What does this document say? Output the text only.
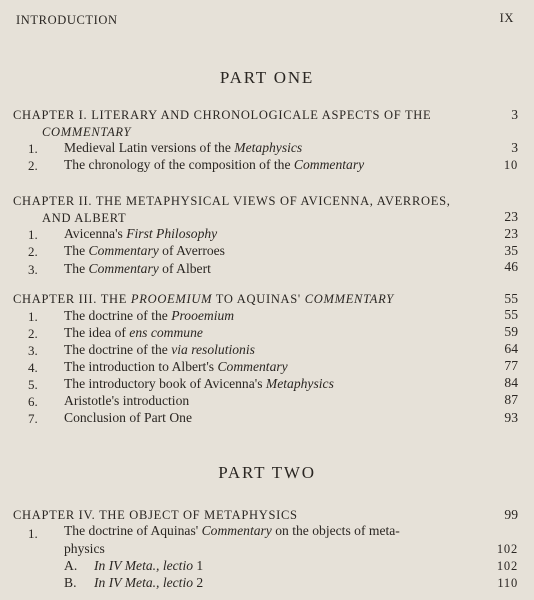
INTRODUCTION	IX
PART ONE
CHAPTER I. LITERARY AND CHRONOLOGICALE ASPECTS OF THE	3
COMMENTARY
1. Medieval Latin versions of the Metaphysics	3
2. The chronology of the composition of the Commentary	10
CHAPTER II. THE METAPHYSICAL VIEWS OF AVICENNA, AVERROES,
AND ALBERT	23
1. Avicenna's First Philosophy	23
2. The Commentary of Averroes	35
3. The Commentary of Albert	46
CHAPTER III. THE PROOEMIUM TO AQUINAS' COMMENTARY	55
1. The doctrine of the Prooemium	55
2. The idea of ens commune	59
3. The doctrine of the via resolutionis	64
4. The introduction to Albert's Commentary	77
5. The introductory book of Avicenna's Metaphysics	84
6. Aristotle's introduction	87
7. Conclusion of Part One	93
PART TWO
CHAPTER IV. THE OBJECT OF METAPHYSICS	99
1. The doctrine of Aquinas' Commentary on the objects of meta-
physics	102
A. In IV Meta., lectio 1	102
B. In IV Meta., lectio 2	110
